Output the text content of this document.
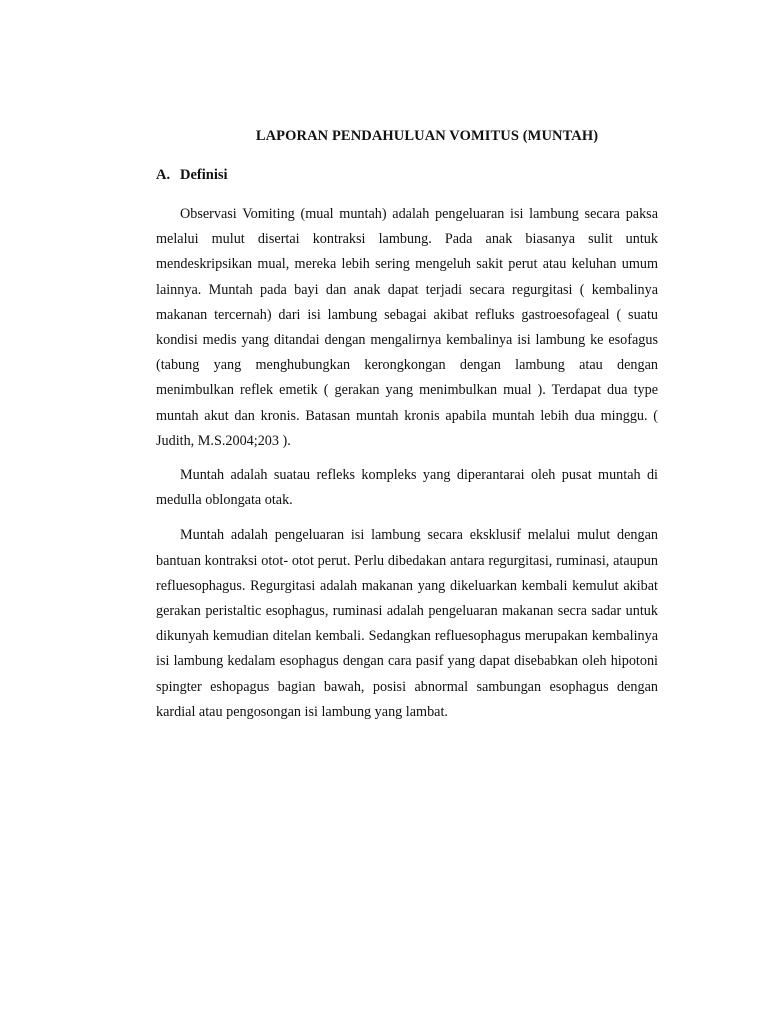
LAPORAN PENDAHULUAN VOMITUS (MUNTAH)
A. Definisi

Observasi Vomiting (mual muntah) adalah pengeluaran isi lambung secara paksa melalui mulut disertai kontraksi lambung. Pada anak biasanya sulit untuk mendeskripsikan mual, mereka lebih sering mengeluh sakit perut atau keluhan umum lainnya. Muntah pada bayi dan anak dapat terjadi secara regurgitasi ( kembalinya makanan tercernah) dari isi lambung sebagai akibat refluks gastroesofageal ( suatu kondisi medis yang ditandai dengan mengalirnya kembalinya isi lambung ke esofagus (tabung yang menghubungkan kerongkongan dengan lambung atau dengan menimbulkan reflek emetik ( gerakan yang menimbulkan mual ). Terdapat dua type muntah akut dan kronis. Batasan muntah kronis apabila muntah lebih dua minggu. ( Judith, M.S.2004;203 ).

Muntah adalah suatau refleks kompleks yang diperantarai oleh pusat muntah di medulla oblongata otak.

Muntah adalah pengeluaran isi lambung secara eksklusif melalui mulut dengan bantuan kontraksi otot- otot perut. Perlu dibedakan antara regurgitasi, ruminasi, ataupun refluesophagus. Regurgitasi adalah makanan yang dikeluarkan kembali kemulut akibat gerakan peristaltic esophagus, ruminasi adalah pengeluaran makanan secra sadar untuk dikunyah kemudian ditelan kembali. Sedangkan refluesophagus merupakan kembalinya isi lambung kedalam esophagus dengan cara pasif yang dapat disebabkan oleh hipotoni spingter eshopagus bagian bawah, posisi abnormal sambungan esophagus dengan kardial atau pengosongan isi lambung yang lambat.
